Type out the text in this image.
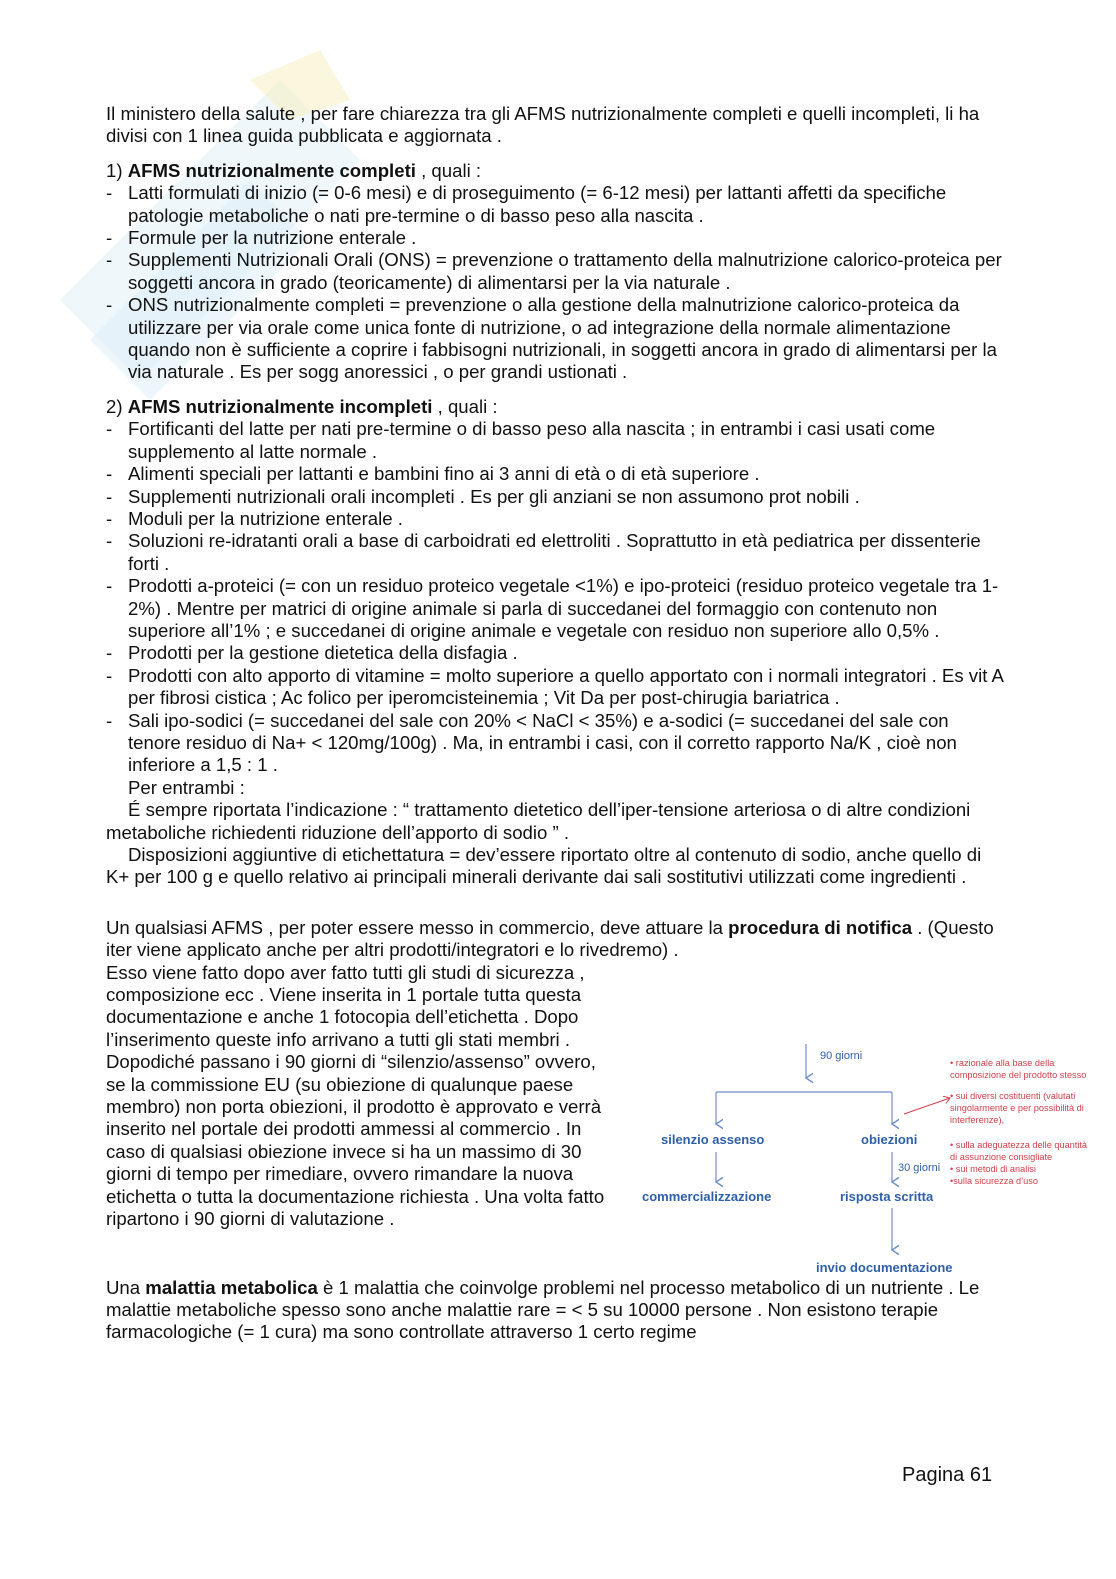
Il ministero della salute , per fare chiarezza tra gli AFMS nutrizionalmente completi e quelli incompleti, li ha divisi con 1 linea guida pubblicata e aggiornata .

1) AFMS nutrizionalmente completi , quali :

- Latti formulati di inizio (= 0-6 mesi) e di proseguimento (= 6-12 mesi) per lattanti affetti da specifiche patologie metaboliche o nati pre-termine o di basso peso alla nascita .
- Formule per la nutrizione enterale .
- Supplementi Nutrizionali Orali (ONS) = prevenzione o trattamento della malnutrizione calorico-proteica per soggetti ancora in grado (teoricamente) di alimentarsi per la via naturale .
- ONS nutrizionalmente completi = prevenzione o alla gestione della malnutrizione calorico-proteica da utilizzare per via orale come unica fonte di nutrizione, o ad integrazione della normale alimentazione quando non è sufficiente a coprire i fabbisogni nutrizionali, in soggetti ancora in grado di alimentarsi per la via naturale . Es per sogg anoressici , o per grandi ustionati .

2) AFMS nutrizionalmente incompleti , quali :

- Fortificanti del latte per nati pre-termine o di basso peso alla nascita ; in entrambi i casi usati come supplemento al latte normale .
- Alimenti speciali per lattanti e bambini fino ai 3 anni di età o di età superiore .
- Supplementi nutrizionali orali incompleti . Es per gli anziani se non assumono prot nobili .
- Moduli per la nutrizione enterale .
- Soluzioni re-idratanti orali a base di carboidrati ed elettroliti . Soprattutto in età pediatrica per dissenterie forti .
- Prodotti a-proteici (= con un residuo proteico vegetale <1%) e ipo-proteici (residuo proteico vegetale tra 1-2%) . Mentre per matrici di origine animale si parla di succedanei del formaggio con contenuto non superiore all’1% ; e succedanei di origine animale e vegetale con residuo non superiore allo 0,5% .
- Prodotti per la gestione dietetica della disfagia .
- Prodotti con alto apporto di vitamine = molto superiore a quello apportato con i normali integratori . Es vit A per fibrosi cistica ; Ac folico per iperomcisteinemia ; Vit Da per post-chirugia bariatrica .
- Sali ipo-sodici (= succedanei del sale con 20% < NaCl < 35%) e a-sodici (= succedanei del sale con tenore residuo di Na+ < 120mg/100g) . Ma, in entrambi i casi, con il corretto rapporto Na/K , cioè non inferiore a 1,5 : 1 .

Per entrambi :

É sempre riportata l’indicazione : “ trattamento dietetico dell’iper-tensione arteriosa o di altre condizioni metaboliche richiedenti riduzione dell’apporto di sodio ” .

Disposizioni aggiuntive di etichettatura = dev’essere riportato oltre al contenuto di sodio, anche quello di K+ per 100 g e quello relativo ai principali minerali derivante dai sali sostitutivi utilizzati come ingredienti .

Un qualsiasi AFMS , per poter essere messo in commercio, deve attuare la procedura di notifica . (Questo iter viene applicato anche per altri prodotti/integratori e lo rivedremo) .

Esso viene fatto dopo aver fatto tutti gli studi di sicurezza , composizione ecc . Viene inserita in 1 portale tutta questa documentazione e anche 1 fotocopia dell’etichetta . Dopo l’inserimento queste info arrivano a tutti gli stati membri . Dopodiché passano i 90 giorni di “silenzio/assenso” ovvero, se la commissione EU (su obiezione di qualunque paese membro) non porta obiezioni, il prodotto è approvato e verrà inserito nel portale dei prodotti ammessi al commercio . In caso di qualsiasi obiezione invece si ha un massimo di 30 giorni di tempo per rimediare, ovvero rimandare la nuova etichetta o tutta la documentazione richiesta . Una volta fatto ripartono i 90 giorni di valutazione .

Una malattia metabolica è 1 malattia che coinvolge problemi nel processo metabolico di un nutriente . Le malattie metaboliche spesso sono anche malattie rare = < 5 su 10000 persone . Non esistono terapie farmacologiche (= 1 cura) ma sono controllate attraverso 1 certo regime

90 giorni
silenzio assenso	obiezioni
30 giorni
commercializzazione	risposta scritta
invio documentazione
• razionale alla base della
composizione del prodotto stesso
• sui diversi costituenti (valutati
singolarmente e per possibilità di
interferenze),
• sulla adeguatezza delle quantità
di assunzione consigliate
• sui metodi di analisi
•sulla sicurezza d’uso
Pagina 61
